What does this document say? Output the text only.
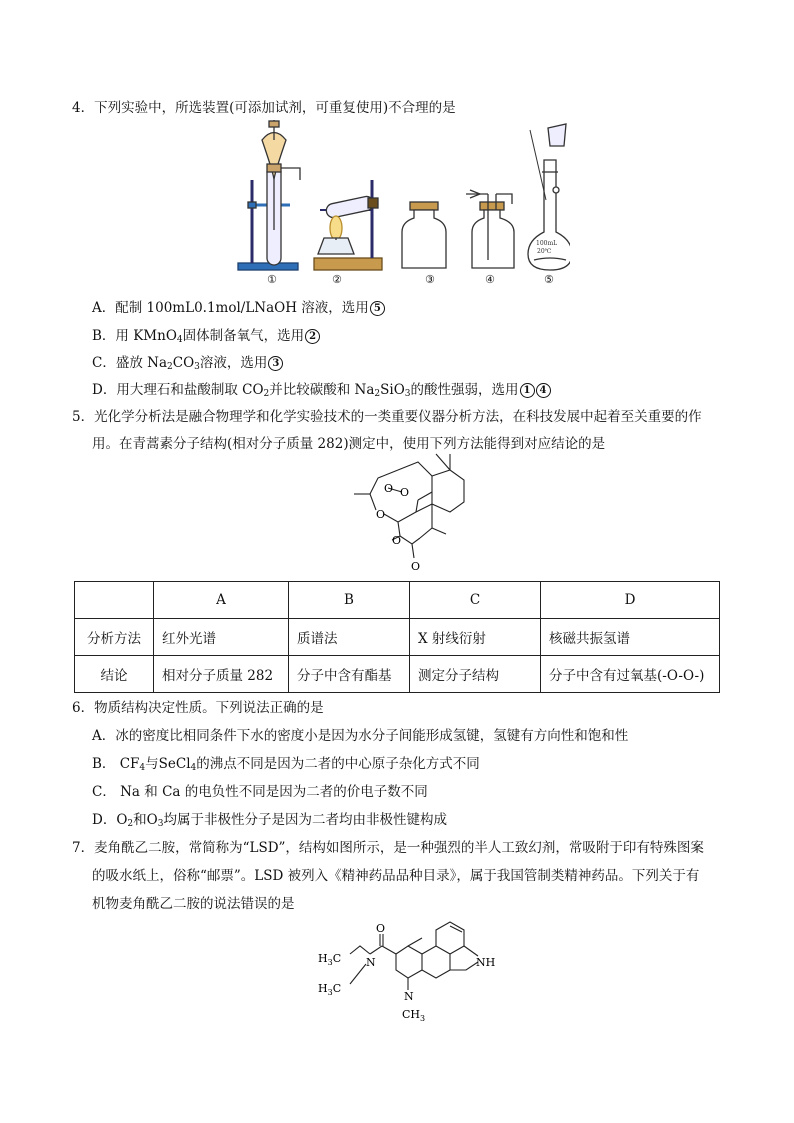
4．下列实验中，所选装置(可添加试剂，可重复使用)不合理的是
100mL
20℃
①	②	③	④	⑤
A．配制 100mL0.1mol/LNaOH 溶液，选用 5
B．用 KMnO$_4$固体制备氧气，选用 2
C．盛放 $Na_2CO_3$溶液，选用 3
D．用大理石和盐酸制取 $CO_2$并比较碳酸和 $Na_2SiO_3$的酸性强弱，选用 1 4
5．光化学分析法是融合物理学和化学实验技术的一类重要仪器分析方法，在科技发展中起着至关重要的作
用。在青蒿素分子结构(相对分子质量 282)测定中，使用下列方法能得到对应结论的是
O O
O
O
O
	A	B	C	D
分析方法	红外光谱	质谱法	X 射线衍射	核磁共振氢谱
结论	相对分子质量 282	分子中含有酯基	测定分子结构	分子中含有过氧基(-O-O-)
6．物质结构决定性质。下列说法正确的是
A．冰的密度比相同条件下水的密度小是因为水分子间能形成氢键，氢键有方向性和饱和性
B． $CF_4$与SeCl$_4$的沸点不同是因为二者的中心原子杂化方式不同
C． Na 和 Ca 的电负性不同是因为二者的价电子数不同
D．$O_2$和$O_3$均属于非极性分子是因为二者均由非极性键构成
7．麦角酰乙二胺，常简称为“LSD”，结构如图所示，是一种强烈的半人工致幻剂，常吸附于印有特殊图案
的吸水纸上，俗称“邮票”。LSD 被列入《精神药品品种目录》，属于我国管制类精神药品。下列关于有
机物麦角酰乙二胺的说法错误的是
O
N	NH
N
$H_3C$
$H_3C$
$CH_3$
